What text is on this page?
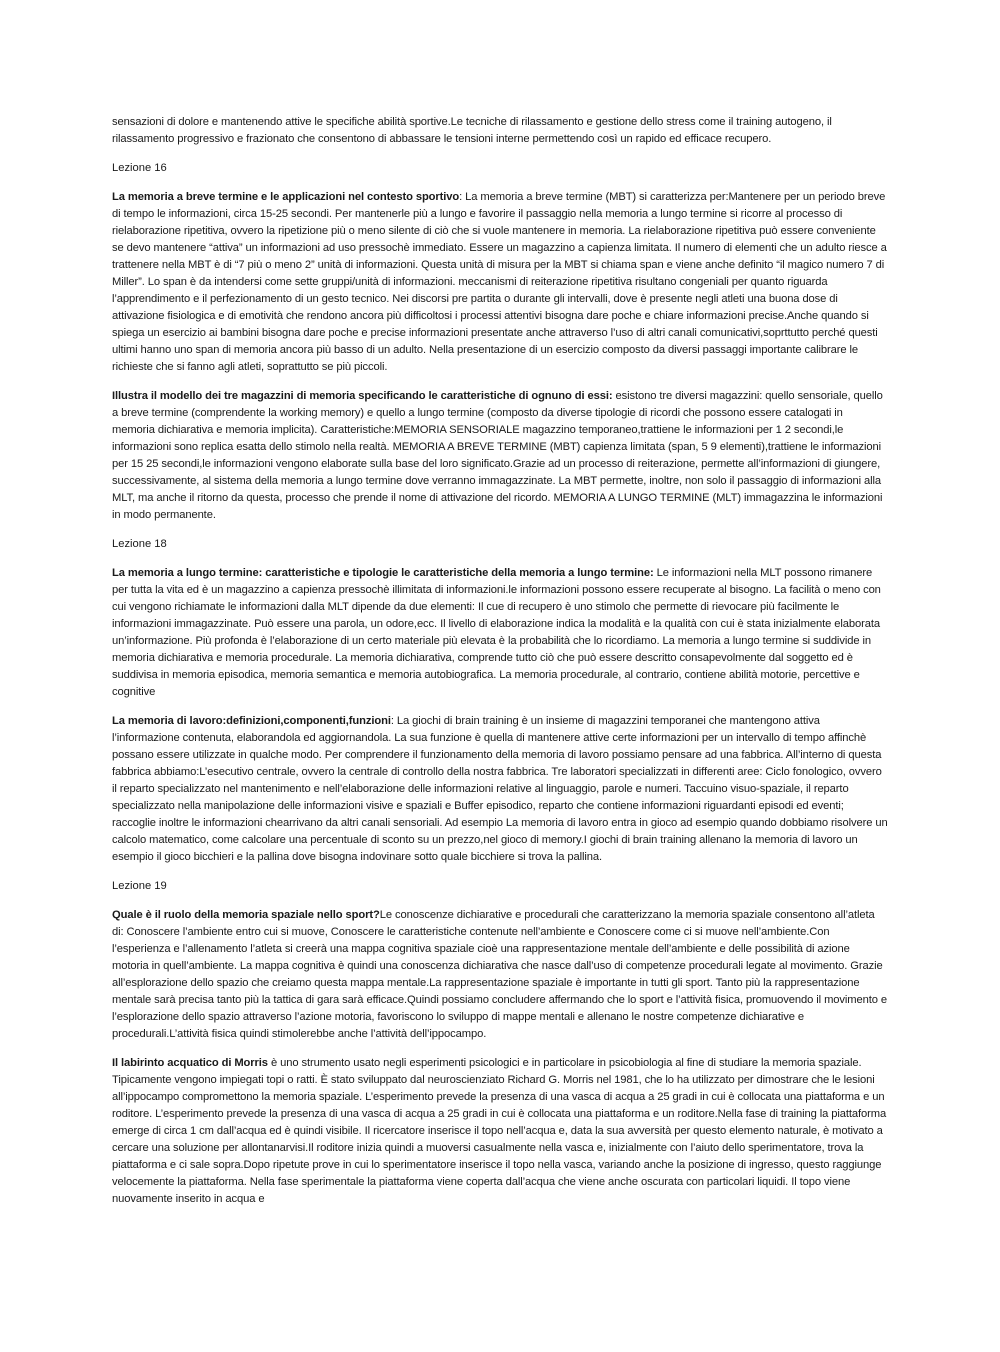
sensazioni di dolore e mantenendo attive le specifiche abilità sportive.Le tecniche di rilassamento e gestione dello stress come il training autogeno, il rilassamento progressivo e frazionato che consentono di abbassare le tensioni interne permettendo così un rapido ed efficace recupero.

Lezione 16

La memoria a breve termine e le applicazioni nel contesto sportivo: La memoria a breve termine (MBT) si caratterizza per:Mantenere per un periodo breve di tempo le informazioni, circa 15-25 secondi. Per mantenerle più a lungo e favorire il passaggio nella memoria a lungo termine si ricorre al processo di rielaborazione ripetitiva, ovvero la ripetizione più o meno silente di ciò che si vuole mantenere in memoria. La rielaborazione ripetitiva può essere conveniente se devo mantenere “attiva” un informazioni ad uso pressochè immediato. Essere un magazzino a capienza limitata. Il numero di elementi che un adulto riesce a trattenere nella MBT è di “7 più o meno 2” unità di informazioni. Questa unità di misura per la MBT si chiama span e viene anche definito “il magico numero 7 di Miller”. Lo span è da intendersi come sette gruppi/unità di informazioni. meccanismi di reiterazione ripetitiva risultano congeniali per quanto riguarda l’apprendimento e il perfezionamento di un gesto tecnico. Nei discorsi pre partita o durante gli intervalli, dove è presente negli atleti una buona dose di attivazione fisiologica e di emotività che rendono ancora più difficoltosi i processi attentivi bisogna dare poche e chiare informazioni precise.Anche quando si spiega un esercizio ai bambini bisogna dare poche e precise informazioni presentate anche attraverso l’uso di altri canali comunicativi,soprttutto perché questi ultimi hanno uno span di memoria ancora più basso di un adulto. Nella presentazione di un esercizio composto da diversi passaggi importante calibrare le richieste che si fanno agli atleti, soprattutto se più piccoli.

Illustra il modello dei tre magazzini di memoria specificando le caratteristiche di ognuno di essi: esistono tre diversi magazzini: quello sensoriale, quello a breve termine (comprendente la working memory) e quello a lungo termine (composto da diverse tipologie di ricordi che possono essere catalogati in memoria dichiarativa e memoria implicita). Caratteristiche:MEMORIA SENSORIALE magazzino temporaneo,trattiene le informazioni per 1 2 secondi,le informazioni sono replica esatta dello stimolo nella realtà. MEMORIA A BREVE TERMINE (MBT) capienza limitata (span, 5 9 elementi),trattiene le informazioni per 15 25 secondi,le informazioni vengono elaborate sulla base del loro significato.Grazie ad un processo di reiterazione, permette all’informazioni di giungere, successivamente, al sistema della memoria a lungo termine dove verranno immagazzinate. La MBT permette, inoltre, non solo il passaggio di informazioni alla MLT, ma anche il ritorno da questa, processo che prende il nome di attivazione del ricordo. MEMORIA A LUNGO TERMINE (MLT) immagazzina le informazioni in modo permanente.

Lezione 18

La memoria a lungo termine: caratteristiche e tipologie le caratteristiche della memoria a lungo termine: Le informazioni nella MLT possono rimanere per tutta la vita ed è un magazzino a capienza pressochè illimitata di informazioni.le informazioni possono essere recuperate al bisogno. La facilità o meno con cui vengono richiamate le informazioni dalla MLT dipende da due elementi: Il cue di recupero è uno stimolo che permette di rievocare più facilmente le informazioni immagazzinate. Può essere una parola, un odore,ecc. Il livello di elaborazione indica la modalità e la qualità con cui è stata inizialmente elaborata un’informazione. Più profonda è l’elaborazione di un certo materiale più elevata è la probabilità che lo ricordiamo. La memoria a lungo termine si suddivide in memoria dichiarativa e memoria procedurale. La memoria dichiarativa, comprende tutto ciò che può essere descritto consapevolmente dal soggetto ed è suddivisa in memoria episodica, memoria semantica e memoria autobiografica. La memoria procedurale, al contrario, contiene abilità motorie, percettive e cognitive

La memoria di lavoro:definizioni,componenti,funzioni: La giochi di brain training è un insieme di magazzini temporanei che mantengono attiva l’informazione contenuta, elaborandola ed aggiornandola. La sua funzione è quella di mantenere attive certe informazioni per un intervallo di tempo affinchè possano essere utilizzate in qualche modo. Per comprendere il funzionamento della memoria di lavoro possiamo pensare ad una fabbrica. All’interno di questa fabbrica abbiamo:L’esecutivo centrale, ovvero la centrale di controllo della nostra fabbrica. Tre laboratori specializzati in differenti aree: Ciclo fonologico, ovvero il reparto specializzato nel mantenimento e nell’elaborazione delle informazioni relative al linguaggio, parole e numeri. Taccuino visuo-spaziale, il reparto specializzato nella manipolazione delle informazioni visive e spaziali e Buffer episodico, reparto che contiene informazioni riguardanti episodi ed eventi; raccoglie inoltre le informazioni chearrivano da altri canali sensoriali. Ad esempio La memoria di lavoro entra in gioco ad esempio quando dobbiamo risolvere un calcolo matematico, come calcolare una percentuale di sconto su un prezzo,nel gioco di memory.I giochi di brain training allenano la memoria di lavoro un esempio il gioco bicchieri e la pallina dove bisogna indovinare sotto quale bicchiere si trova la pallina.

Lezione 19

Quale è il ruolo della memoria spaziale nello sport?Le conoscenze dichiarative e procedurali che caratterizzano la memoria spaziale consentono all’atleta di: Conoscere l’ambiente entro cui si muove, Conoscere le caratteristiche contenute nell’ambiente e Conoscere come ci si muove nell’ambiente.Con l’esperienza e l’allenamento l’atleta si creerà una mappa cognitiva spaziale cioè una rappresentazione mentale dell’ambiente e delle possibilità di azione motoria in quell’ambiente. La mappa cognitiva è quindi una conoscenza dichiarativa che nasce dall’uso di competenze procedurali legate al movimento. Grazie all’esplorazione dello spazio che creiamo questa mappa mentale.La rappresentazione spaziale è importante in tutti gli sport. Tanto più la rappresentazione mentale sarà precisa tanto più la tattica di gara sarà efficace.Quindi possiamo concludere affermando che lo sport e l’attività fisica, promuovendo il movimento e l’esplorazione dello spazio attraverso l’azione motoria, favoriscono lo sviluppo di mappe mentali e allenano le nostre competenze dichiarative e procedurali.L’attività fisica quindi stimolerebbe anche l’attività dell’ippocampo.

Il labirinto acquatico di Morris è uno strumento usato negli esperimenti psicologici e in particolare in psicobiologia al fine di studiare la memoria spaziale. Tipicamente vengono impiegati topi o ratti. È stato sviluppato dal neuroscienziato Richard G. Morris nel 1981, che lo ha utilizzato per dimostrare che le lesioni all’ippocampo compromettono la memoria spaziale. L’esperimento prevede la presenza di una vasca di acqua a 25 gradi in cui è collocata una piattaforma e un roditore. L’esperimento prevede la presenza di una vasca di acqua a 25 gradi in cui è collocata una piattaforma e un roditore.Nella fase di training la piattaforma emerge di circa 1 cm dall’acqua ed è quindi visibile. Il ricercatore inserisce il topo nell’acqua e, data la sua avversità per questo elemento naturale, è motivato a cercare una soluzione per allontanarvisi.Il roditore inizia quindi a muoversi casualmente nella vasca e, inizialmente con l’aiuto dello sperimentatore, trova la piattaforma e ci sale sopra.Dopo ripetute prove in cui lo sperimentatore inserisce il topo nella vasca, variando anche la posizione di ingresso, questo raggiunge velocemente la piattaforma. Nella fase sperimentale la piattaforma viene coperta dall’acqua che viene anche oscurata con particolari liquidi. Il topo viene nuovamente inserito in acqua e
